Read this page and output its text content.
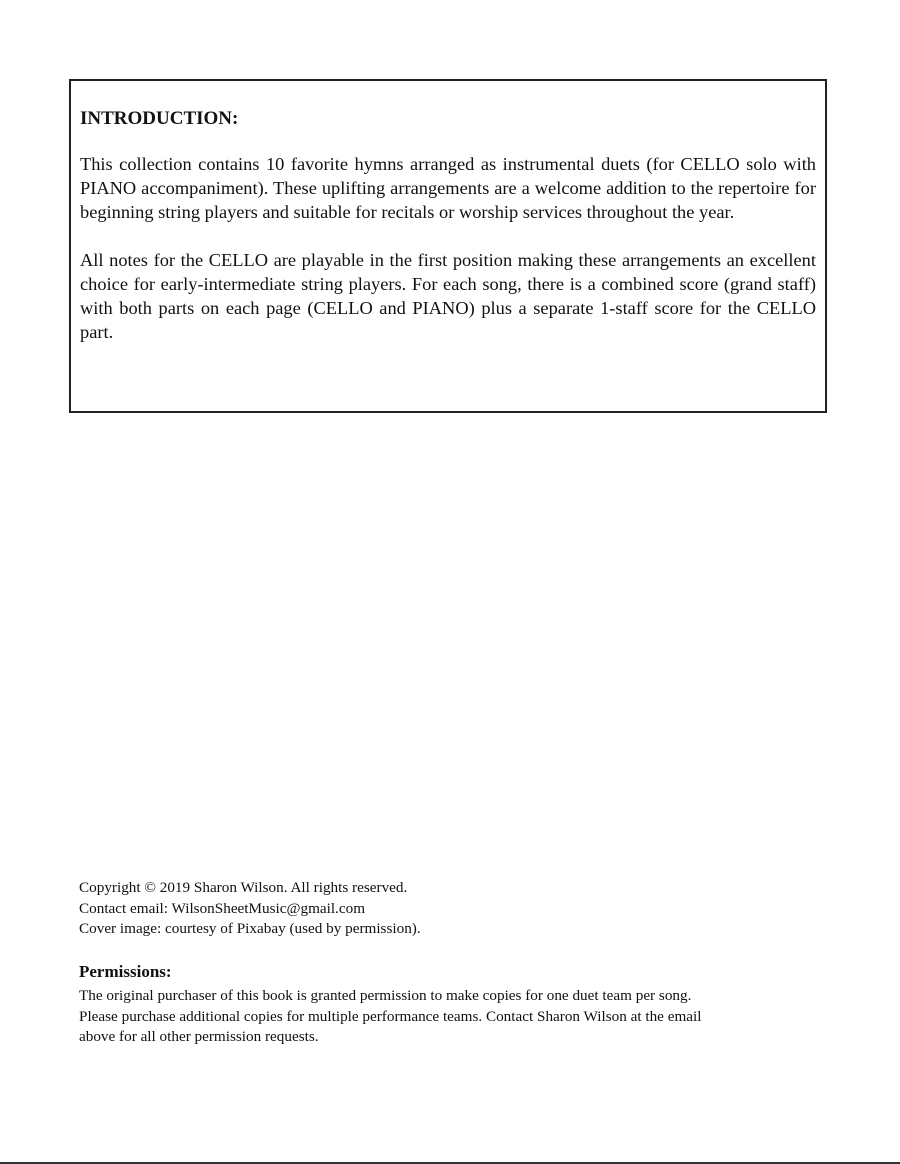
INTRODUCTION:

This collection contains 10 favorite hymns arranged as instrumental duets (for CELLO solo with PIANO accompaniment). These uplifting arrangements are a welcome addition to the repertoire for beginning string players and suitable for recitals or worship services throughout the year.

All notes for the CELLO are playable in the first position making these arrangements an excellent choice for early-intermediate string players. For each song, there is a combined score (grand staff) with both parts on each page (CELLO and PIANO) plus a separate 1-staff score for the CELLO part.

Copyright © 2019 Sharon Wilson. All rights reserved.
Contact email: WilsonSheetMusic@gmail.com
Cover image: courtesy of Pixabay (used by permission).
Permissions:

The original purchaser of this book is granted permission to make copies for one duet team per song.
Please purchase additional copies for multiple performance teams. Contact Sharon Wilson at the email
above for all other permission requests.
